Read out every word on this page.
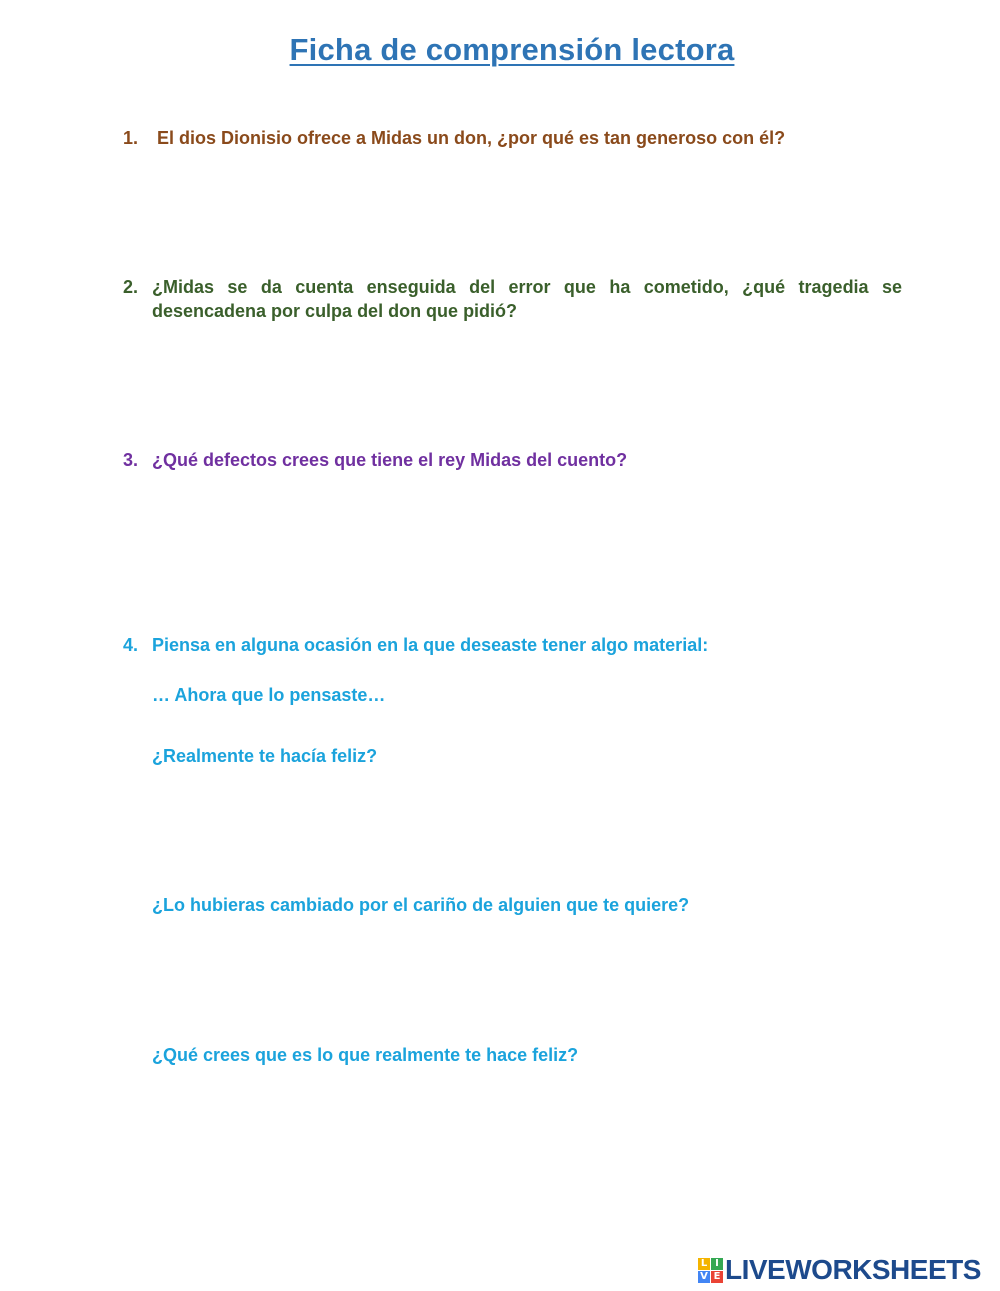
Ficha de comprensión lectora
1. El dios Dionisio ofrece a Midas un don, ¿por qué es tan generoso con él?
2. ¿Midas se da cuenta enseguida del error que ha cometido, ¿qué tragedia se desencadena por culpa del don que pidió?
3. ¿Qué defectos crees que tiene el rey Midas del cuento?
4. Piensa en alguna ocasión en la que deseaste tener algo material:
… Ahora que lo pensaste…
¿Realmente te hacía feliz?
¿Lo hubieras cambiado por el cariño de alguien que te quiere?
¿Qué crees que es lo que realmente te hace feliz?
L I
V E LIVEWORKSHEETS
